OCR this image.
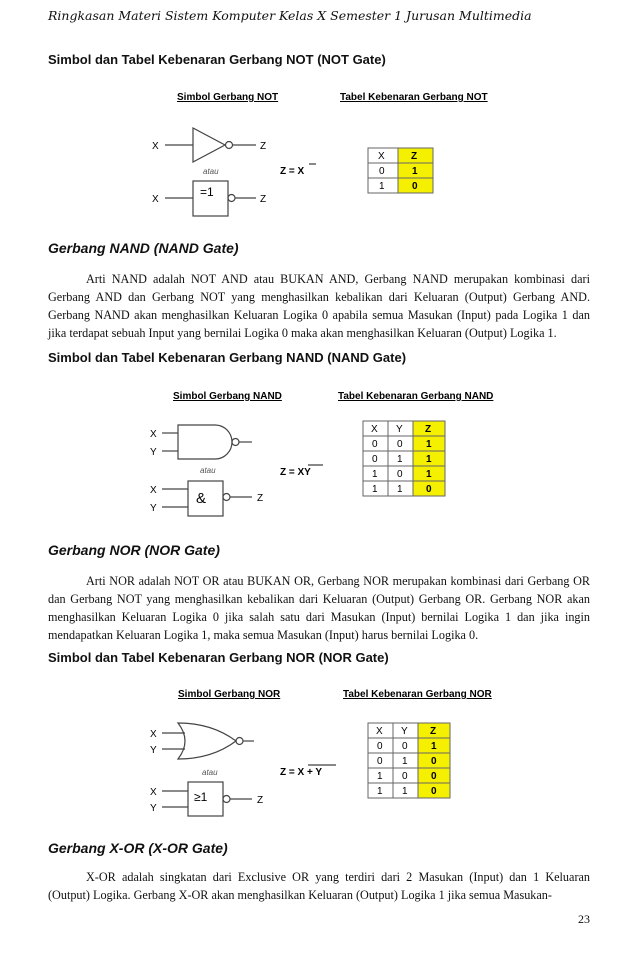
Ringkasan Materi Sistem Komputer Kelas X Semester 1 Jurusan Multimedia
Simbol dan Tabel Kebenaran Gerbang NOT (NOT Gate)
Simbol Gerbang NOT	Tabel Kebenaran Gerbang NOT
X	Z
atau
=1
X	Z
Z = X
X	Z
0	1
1	0
Gerbang NAND (NAND Gate)

Arti NAND adalah NOT AND atau BUKAN AND, Gerbang NAND merupakan kombinasi dari Gerbang AND dan Gerbang NOT yang menghasilkan kebalikan dari Keluaran (Output) Gerbang AND. Gerbang NAND akan menghasilkan Keluaran Logika 0 apabila semua Masukan (Input) pada Logika 1 dan jika terdapat sebuah Input yang bernilai Logika 0 maka akan menghasilkan Keluaran (Output) Logika 1.

Simbol dan Tabel Kebenaran Gerbang NAND (NAND Gate)
Simbol Gerbang NAND	Tabel Kebenaran Gerbang NAND
X
Y
atau
&
X
Y
Z
Z = XY
X Y Z
0 0 1
0 1 1
1 0 1
1 1 0
Gerbang NOR (NOR Gate)

Arti NOR adalah NOT OR atau BUKAN OR, Gerbang NOR merupakan kombinasi dari Gerbang OR dan Gerbang NOT yang menghasilkan kebalikan dari Keluaran (Output) Gerbang OR. Gerbang NOR akan menghasilkan Keluaran Logika 0 jika salah satu dari Masukan (Input) bernilai Logika 1 dan jika ingin mendapatkan Keluaran Logika 1, maka semua Masukan (Input) harus bernilai Logika 0.

Simbol dan Tabel Kebenaran Gerbang NOR (NOR Gate)
Simbol Gerbang NOR	Tabel Kebenaran Gerbang NOR
X
Y
atau
≥1
X
Y
Z
Z = X + Y
X Y Z
0 0 1
0 1 0
1 0 0
1 1 0
Gerbang X-OR (X-OR Gate)

X-OR adalah singkatan dari Exclusive OR yang terdiri dari 2 Masukan (Input) dan 1 Keluaran (Output) Logika. Gerbang X-OR akan menghasilkan Keluaran (Output) Logika 1 jika semua Masukan-

23
